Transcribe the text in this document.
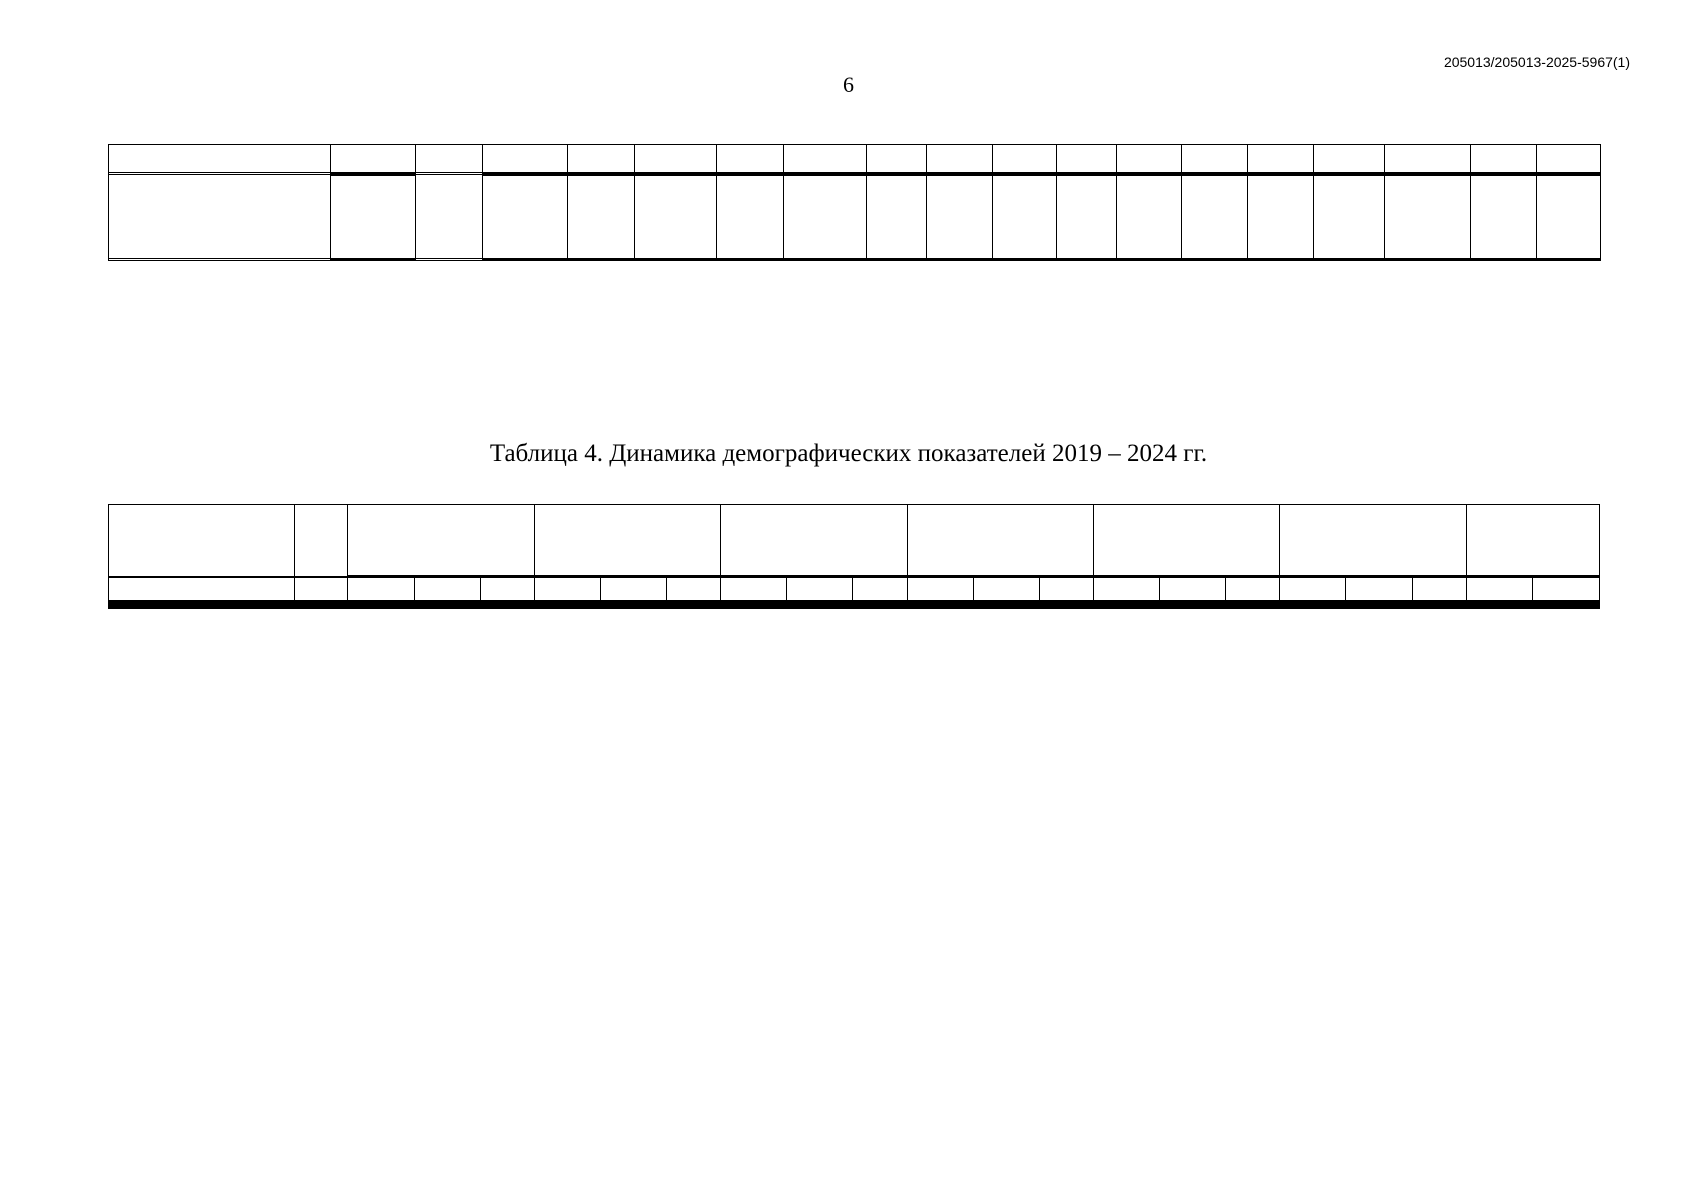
205013/205013-2025-5967(1)
6

Таблица 4. Динамика демографических показателей 2019 – 2024 гг.
